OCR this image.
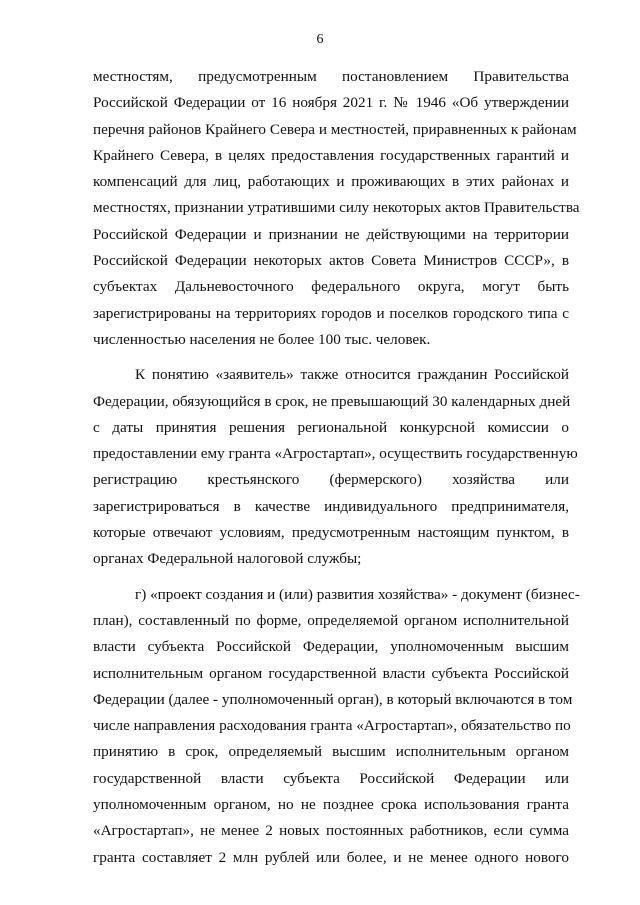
6
местностям, предусмотренным постановлением Правительства
Российской Федерации от 16 ноября 2021 г. № 1946 «Об утверждении
перечня районов Крайнего Севера и местностей, приравненных к районам
Крайнего Севера, в целях предоставления государственных гарантий и
компенсаций для лиц, работающих и проживающих в этих районах и
местностях, признании утратившими силу некоторых актов Правительства
Российской Федерации и признании не действующими на территории
Российской Федерации некоторых актов Совета Министров СССР», в
субъектах Дальневосточного федерального округа, могут быть
зарегистрированы на территориях городов и поселков городского типа с
численностью населения не более 100 тыс. человек.
К понятию «заявитель» также относится гражданин Российской
Федерации, обязующийся в срок, не превышающий 30 календарных дней
с даты принятия решения региональной конкурсной комиссии о
предоставлении ему гранта «Агростартап», осуществить государственную
регистрацию крестьянского (фермерского) хозяйства или
зарегистрироваться в качестве индивидуального предпринимателя,
которые отвечают условиям, предусмотренным настоящим пунктом, в
органах Федеральной налоговой службы;
г) «проект создания и (или) развития хозяйства» - документ (бизнес-
план), составленный по форме, определяемой органом исполнительной
власти субъекта Российской Федерации, уполномоченным высшим
исполнительным органом государственной власти субъекта Российской
Федерации (далее - уполномоченный орган), в который включаются в том
числе направления расходования гранта «Агростартап», обязательство по
принятию в срок, определяемый высшим исполнительным органом
государственной власти субъекта Российской Федерации или
уполномоченным органом, но не позднее срока использования гранта
«Агростартап», не менее 2 новых постоянных работников, если сумма
гранта составляет 2 млн рублей или более, и не менее одного нового
